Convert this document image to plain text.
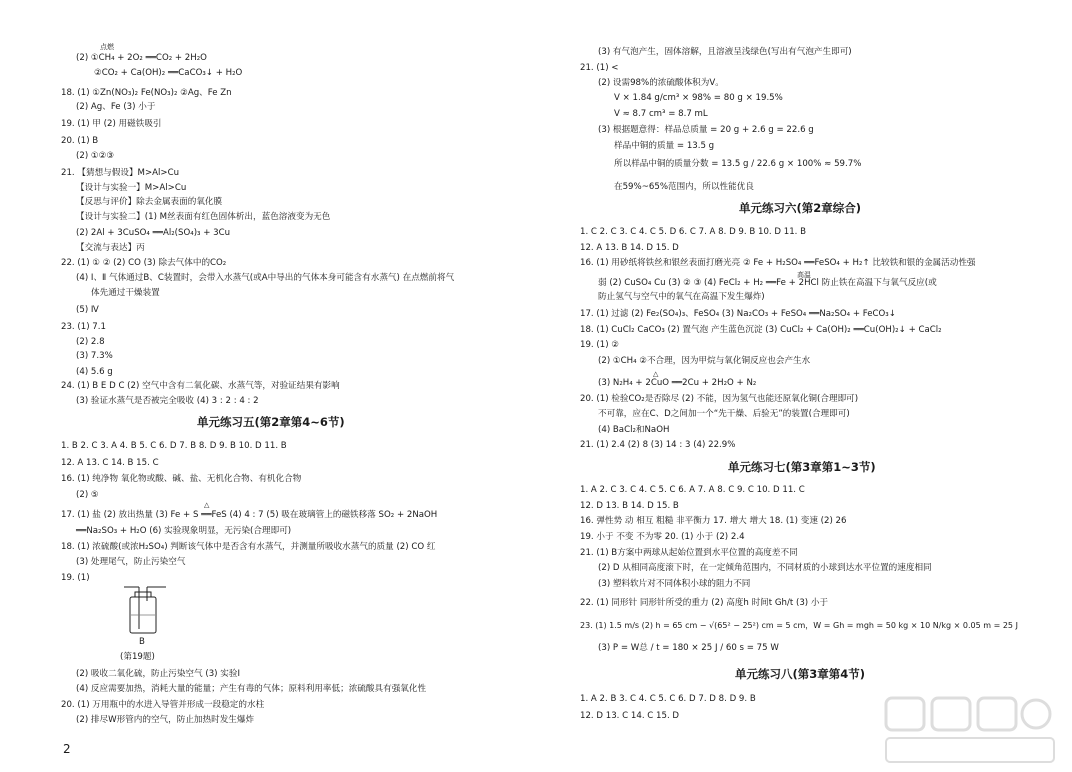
点燃
(2) ①CH₄ + 2O₂ ══CO₂ + 2H₂O
②CO₂ + Ca(OH)₂ ══CaCO₃↓ + H₂O
18. (1) ①Zn(NO₃)₂ Fe(NO₃)₂ ②Ag、Fe Zn
(2) Ag、Fe (3) 小于
19. (1) 甲 (2) 用磁铁吸引
20. (1) B
(2) ①②③
21. 【猜想与假设】M>Al>Cu
【设计与实验一】M>Al>Cu
【反思与评价】除去金属表面的氧化膜
【设计与实验二】(1) M丝表面有红色固体析出，蓝色溶液变为无色
(2) 2Al + 3CuSO₄ ══Al₂(SO₄)₃ + 3Cu
【交流与表达】丙
22. (1) ① ② (2) CO (3) 除去气体中的CO₂
(4) Ⅰ、Ⅱ 气体通过B、C装置时，会带入水蒸气(或A中导出的气体本身可能含有水蒸气) 在点燃前将气
体先通过干燥装置
(5) Ⅳ
23. (1) 7.1
(2) 2.8
(3) 7.3%
(4) 5.6 g
24. (1) B E D C (2) 空气中含有二氧化碳、水蒸气等，对验证结果有影响
(3) 验证水蒸气是否被完全吸收 (4) 3 : 2 : 4 : 2
单元练习五(第2章第4~6节)
1. B 2. C 3. A 4. B 5. C 6. D 7. B 8. D 9. B 10. D 11. B
12. A 13. C 14. B 15. C
16. (1) 纯净物 氧化物或酸、碱、盐、无机化合物、有机化合物
(2) ⑤
△
17. (1) 盐 (2) 放出热量 (3) Fe + S ══FeS (4) 4 : 7 (5) 吸在玻璃管上的磁铁移落 SO₂ + 2NaOH
══Na₂SO₃ + H₂O (6) 实验现象明显，无污染(合理即可)
18. (1) 浓硫酸(或浓H₂SO₄) 判断该气体中是否含有水蒸气，并测量所吸收水蒸气的质量 (2) CO 红
(3) 处理尾气，防止污染空气
19. (1)
B
(第19题)
(2) 吸收二氧化硫，防止污染空气 (3) 实验Ⅰ
(4) 反应需要加热，消耗大量的能量；产生有毒的气体；原料利用率低；浓硫酸具有强氧化性
20. (1) 万用瓶中的水进入导管并形成一段稳定的水柱
(2) 排尽W形管内的空气，防止加热时发生爆炸
(3) 有气泡产生，固体溶解，且溶液呈浅绿色(写出有气泡产生即可)
21. (1) <
(2) 设需98%的浓硫酸体积为V。
V × 1.84 g/cm³ × 98% = 80 g × 19.5%
V ≈ 8.7 cm³ = 8.7 mL
(3) 根据题意得：样品总质量 = 20 g + 2.6 g = 22.6 g
样品中铜的质量 = 13.5 g
所以样品中铜的质量分数 = 13.5 g / 22.6 g × 100% ≈ 59.7%
在59%~65%范围内，所以性能优良
单元练习六(第2章综合)
1. C 2. C 3. C 4. C 5. D 6. C 7. A 8. D 9. B 10. D 11. B
12. A 13. B 14. D 15. D
16. (1) 用砂纸将铁丝和银丝表面打磨光亮 ② Fe + H₂SO₄ ══FeSO₄ + H₂↑ 比较铁和银的金属活动性强
高温
弱 (2) CuSO₄ Cu (3) ② ③ (4) FeCl₂ + H₂ ══Fe + 2HCl 防止铁在高温下与氧气反应(或
防止氢气与空气中的氧气在高温下发生爆炸)
17. (1) 过滤 (2) Fe₂(SO₄)₃、FeSO₄ (3) Na₂CO₃ + FeSO₄ ══Na₂SO₄ + FeCO₃↓
18. (1) CuCl₂ CaCO₃ (2) 置气泡 产生蓝色沉淀 (3) CuCl₂ + Ca(OH)₂ ══Cu(OH)₂↓ + CaCl₂
19. (1) ②
(2) ①CH₄ ②不合理，因为甲烷与氧化铜反应也会产生水
△
(3) N₂H₄ + 2CuO ══2Cu + 2H₂O + N₂
20. (1) 检验CO₂是否除尽 (2) 不能，因为氢气也能还原氧化铜(合理即可)
不可靠，应在C、D之间加一个“先干燥、后验无”的装置(合理即可)
(4) BaCl₂和NaOH
21. (1) 2.4 (2) 8 (3) 14 : 3 (4) 22.9%
单元练习七(第3章第1~3节)
1. A 2. C 3. C 4. C 5. C 6. A 7. A 8. C 9. C 10. D 11. C
12. D 13. B 14. D 15. B
16. 弹性势 动 相互 粗糙 非平衡力 17. 增大 增大 18. (1) 变速 (2) 26
19. 小于 不变 不为零 20. (1) 小于 (2) 2.4
21. (1) B方案中两球从起始位置到水平位置的高度差不同
(2) D 从相同高度滚下时，在一定倾角范围内，不同材质的小球到达水平位置的速度相同
(3) 塑料软片对不同体积小球的阻力不同
22. (1) 同形针 同形针所受的重力 (2) 高度h 时间t Gh/t (3) 小于
23. (1) 1.5 m/s (2) h = 65 cm − √(65² − 25²) cm = 5 cm，W = Gh = mgh = 50 kg × 10 N/kg × 0.05 m = 25 J
(3) P = W总 / t = 180 × 25 J / 60 s = 75 W
单元练习八(第3章第4节)
1. A 2. B 3. C 4. C 5. C 6. D 7. D 8. D 9. B
12. D 13. C 14. C 15. D
2
